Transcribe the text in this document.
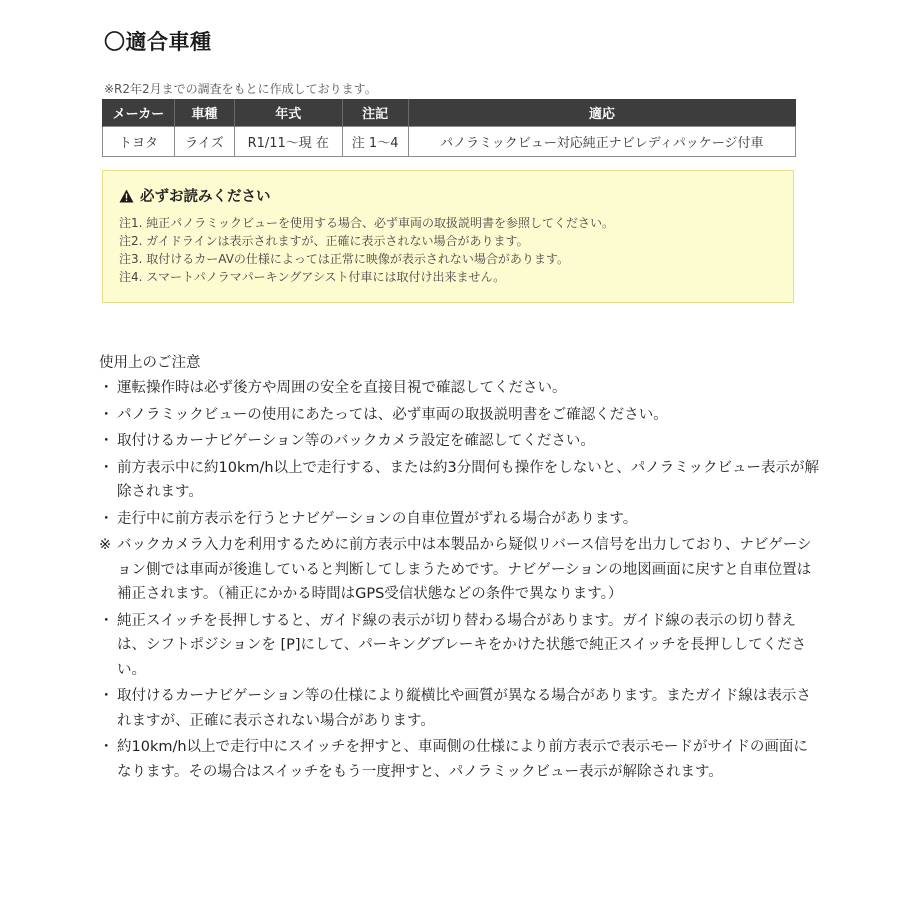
〇適合車種
※R2年2月までの調査をもとに作成しております。
メーカー	車種	年式	注記	適応
トヨタ	ライズ	R1/11～現 在	注 1～4	パノラミックビュー対応純正ナビレディパッケージ付車
必ずお読みください
注1. 純正パノラミックビューを使用する場合、必ず車両の取扱説明書を参照してください。
注2. ガイドラインは表示されますが、正確に表示されない場合があります。
注3. 取付けるカーAVの仕様によっては正常に映像が表示されない場合があります。
注4. スマートパノラマパーキングアシスト付車には取付け出来ません。
使用上のご注意
・ 運転操作時は必ず後方や周囲の安全を直接目視で確認してください。
・ パノラミックビューの使用にあたっては、必ず車両の取扱説明書をご確認ください。
・ 取付けるカーナビゲーション等のバックカメラ設定を確認してください。
・ 前方表示中に約10km/h以上で走行する、または約3分間何も操作をしないと、パノラミックビュー表示が解除されます。
・ 走行中に前方表示を行うとナビゲーションの自車位置がずれる場合があります。
※ バックカメラ入力を利用するために前方表示中は本製品から疑似リバース信号を出力しており、ナビゲーション側では車両が後進していると判断してしまうためです。ナビゲーションの地図画面に戻すと自車位置は補正されます。（補正にかかる時間はGPS受信状態などの条件で異なります。）
・ 純正スイッチを長押しすると、ガイド線の表示が切り替わる場合があります。ガイド線の表示の切り替えは、シフトポジションを [P]にして、パーキングブレーキをかけた状態で純正スイッチを長押ししてください。
・ 取付けるカーナビゲーション等の仕様により縦横比や画質が異なる場合があります。またガイド線は表示されますが、正確に表示されない場合があります。
・ 約10km/h以上で走行中にスイッチを押すと、車両側の仕様により前方表示で表示モードがサイドの画面になります。その場合はスイッチをもう一度押すと、パノラミックビュー表示が解除されます。
